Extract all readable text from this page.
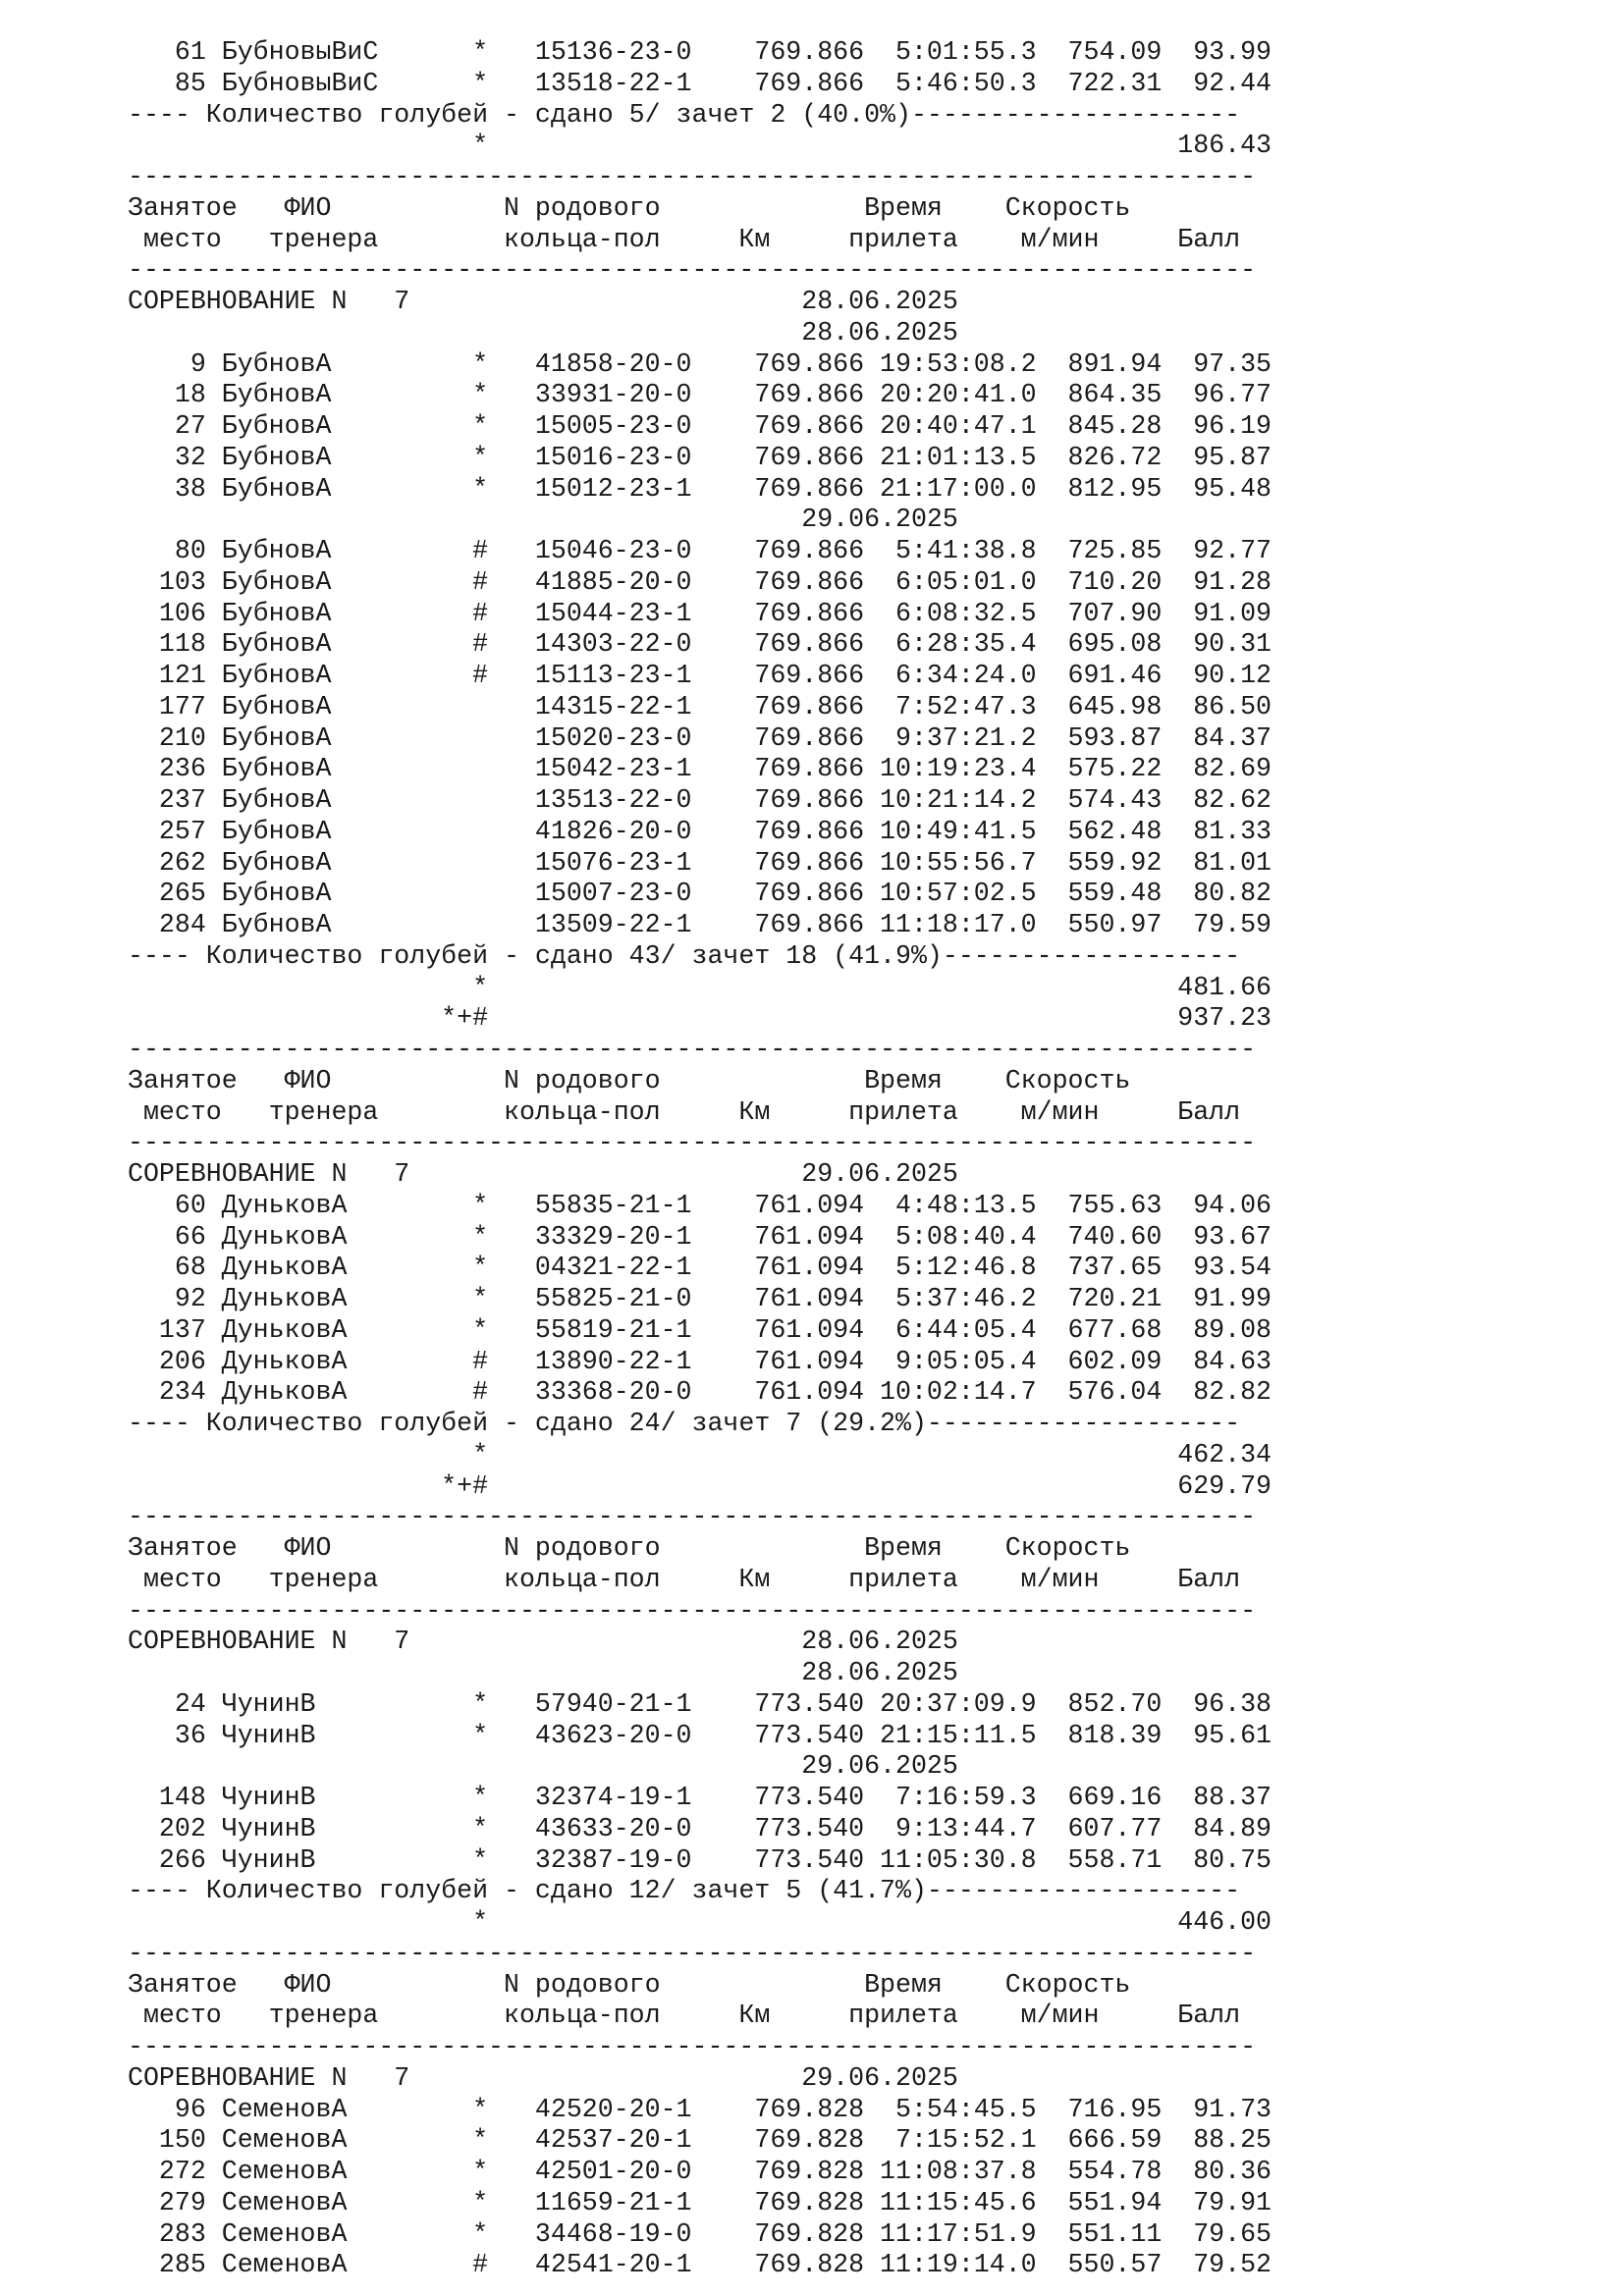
61 БубновыВиС      *   15136-23-0    769.866  5:01:55.3  754.09  93.99
85 БубновыВиС      *   13518-22-1    769.866  5:46:50.3  722.31  92.44
---- Количество голубей - сдано 5/ зачет 2 (40.0%)---------------------
*                                            186.43
------------------------------------------------------------------------
Занятое   ФИО           N родового             Время    Скорость
место   тренера        кольца-пол     Км     прилета    м/мин     Балл
------------------------------------------------------------------------
СОРЕВНОВАНИЕ N   7                         28.06.2025
28.06.2025
9 БубновА         *   41858-20-0    769.866 19:53:08.2  891.94  97.35
18 БубновА         *   33931-20-0    769.866 20:20:41.0  864.35  96.77
27 БубновА         *   15005-23-0    769.866 20:40:47.1  845.28  96.19
32 БубновА         *   15016-23-0    769.866 21:01:13.5  826.72  95.87
38 БубновА         *   15012-23-1    769.866 21:17:00.0  812.95  95.48
29.06.2025
80 БубновА         #   15046-23-0    769.866  5:41:38.8  725.85  92.77
103 БубновА         #   41885-20-0    769.866  6:05:01.0  710.20  91.28
106 БубновА         #   15044-23-1    769.866  6:08:32.5  707.90  91.09
118 БубновА         #   14303-22-0    769.866  6:28:35.4  695.08  90.31
121 БубновА         #   15113-23-1    769.866  6:34:24.0  691.46  90.12
177 БубновА             14315-22-1    769.866  7:52:47.3  645.98  86.50
210 БубновА             15020-23-0    769.866  9:37:21.2  593.87  84.37
236 БубновА             15042-23-1    769.866 10:19:23.4  575.22  82.69
237 БубновА             13513-22-0    769.866 10:21:14.2  574.43  82.62
257 БубновА             41826-20-0    769.866 10:49:41.5  562.48  81.33
262 БубновА             15076-23-1    769.866 10:55:56.7  559.92  81.01
265 БубновА             15007-23-0    769.866 10:57:02.5  559.48  80.82
284 БубновА             13509-22-1    769.866 11:18:17.0  550.97  79.59
---- Количество голубей - сдано 43/ зачет 18 (41.9%)-------------------
*                                            481.66
*+#                                            937.23
------------------------------------------------------------------------
Занятое   ФИО           N родового             Время    Скорость
место   тренера        кольца-пол     Км     прилета    м/мин     Балл
------------------------------------------------------------------------
СОРЕВНОВАНИЕ N   7                         29.06.2025
60 ДуньковА        *   55835-21-1    761.094  4:48:13.5  755.63  94.06
66 ДуньковА        *   33329-20-1    761.094  5:08:40.4  740.60  93.67
68 ДуньковА        *   04321-22-1    761.094  5:12:46.8  737.65  93.54
92 ДуньковА        *   55825-21-0    761.094  5:37:46.2  720.21  91.99
137 ДуньковА        *   55819-21-1    761.094  6:44:05.4  677.68  89.08
206 ДуньковА        #   13890-22-1    761.094  9:05:05.4  602.09  84.63
234 ДуньковА        #   33368-20-0    761.094 10:02:14.7  576.04  82.82
---- Количество голубей - сдано 24/ зачет 7 (29.2%)--------------------
*                                            462.34
*+#                                            629.79
------------------------------------------------------------------------
Занятое   ФИО           N родового             Время    Скорость
место   тренера        кольца-пол     Км     прилета    м/мин     Балл
------------------------------------------------------------------------
СОРЕВНОВАНИЕ N   7                         28.06.2025
28.06.2025
24 ЧунинВ          *   57940-21-1    773.540 20:37:09.9  852.70  96.38
36 ЧунинВ          *   43623-20-0    773.540 21:15:11.5  818.39  95.61
29.06.2025
148 ЧунинВ          *   32374-19-1    773.540  7:16:59.3  669.16  88.37
202 ЧунинВ          *   43633-20-0    773.540  9:13:44.7  607.77  84.89
266 ЧунинВ          *   32387-19-0    773.540 11:05:30.8  558.71  80.75
---- Количество голубей - сдано 12/ зачет 5 (41.7%)--------------------
*                                            446.00
------------------------------------------------------------------------
Занятое   ФИО           N родового             Время    Скорость
место   тренера        кольца-пол     Км     прилета    м/мин     Балл
------------------------------------------------------------------------
СОРЕВНОВАНИЕ N   7                         29.06.2025
96 СеменовА        *   42520-20-1    769.828  5:54:45.5  716.95  91.73
150 СеменовА        *   42537-20-1    769.828  7:15:52.1  666.59  88.25
272 СеменовА        *   42501-20-0    769.828 11:08:37.8  554.78  80.36
279 СеменовА        *   11659-21-1    769.828 11:15:45.6  551.94  79.91
283 СеменовА        *   34468-19-0    769.828 11:17:51.9  551.11  79.65
285 СеменовА        #   42541-20-1    769.828 11:19:14.0  550.57  79.52
